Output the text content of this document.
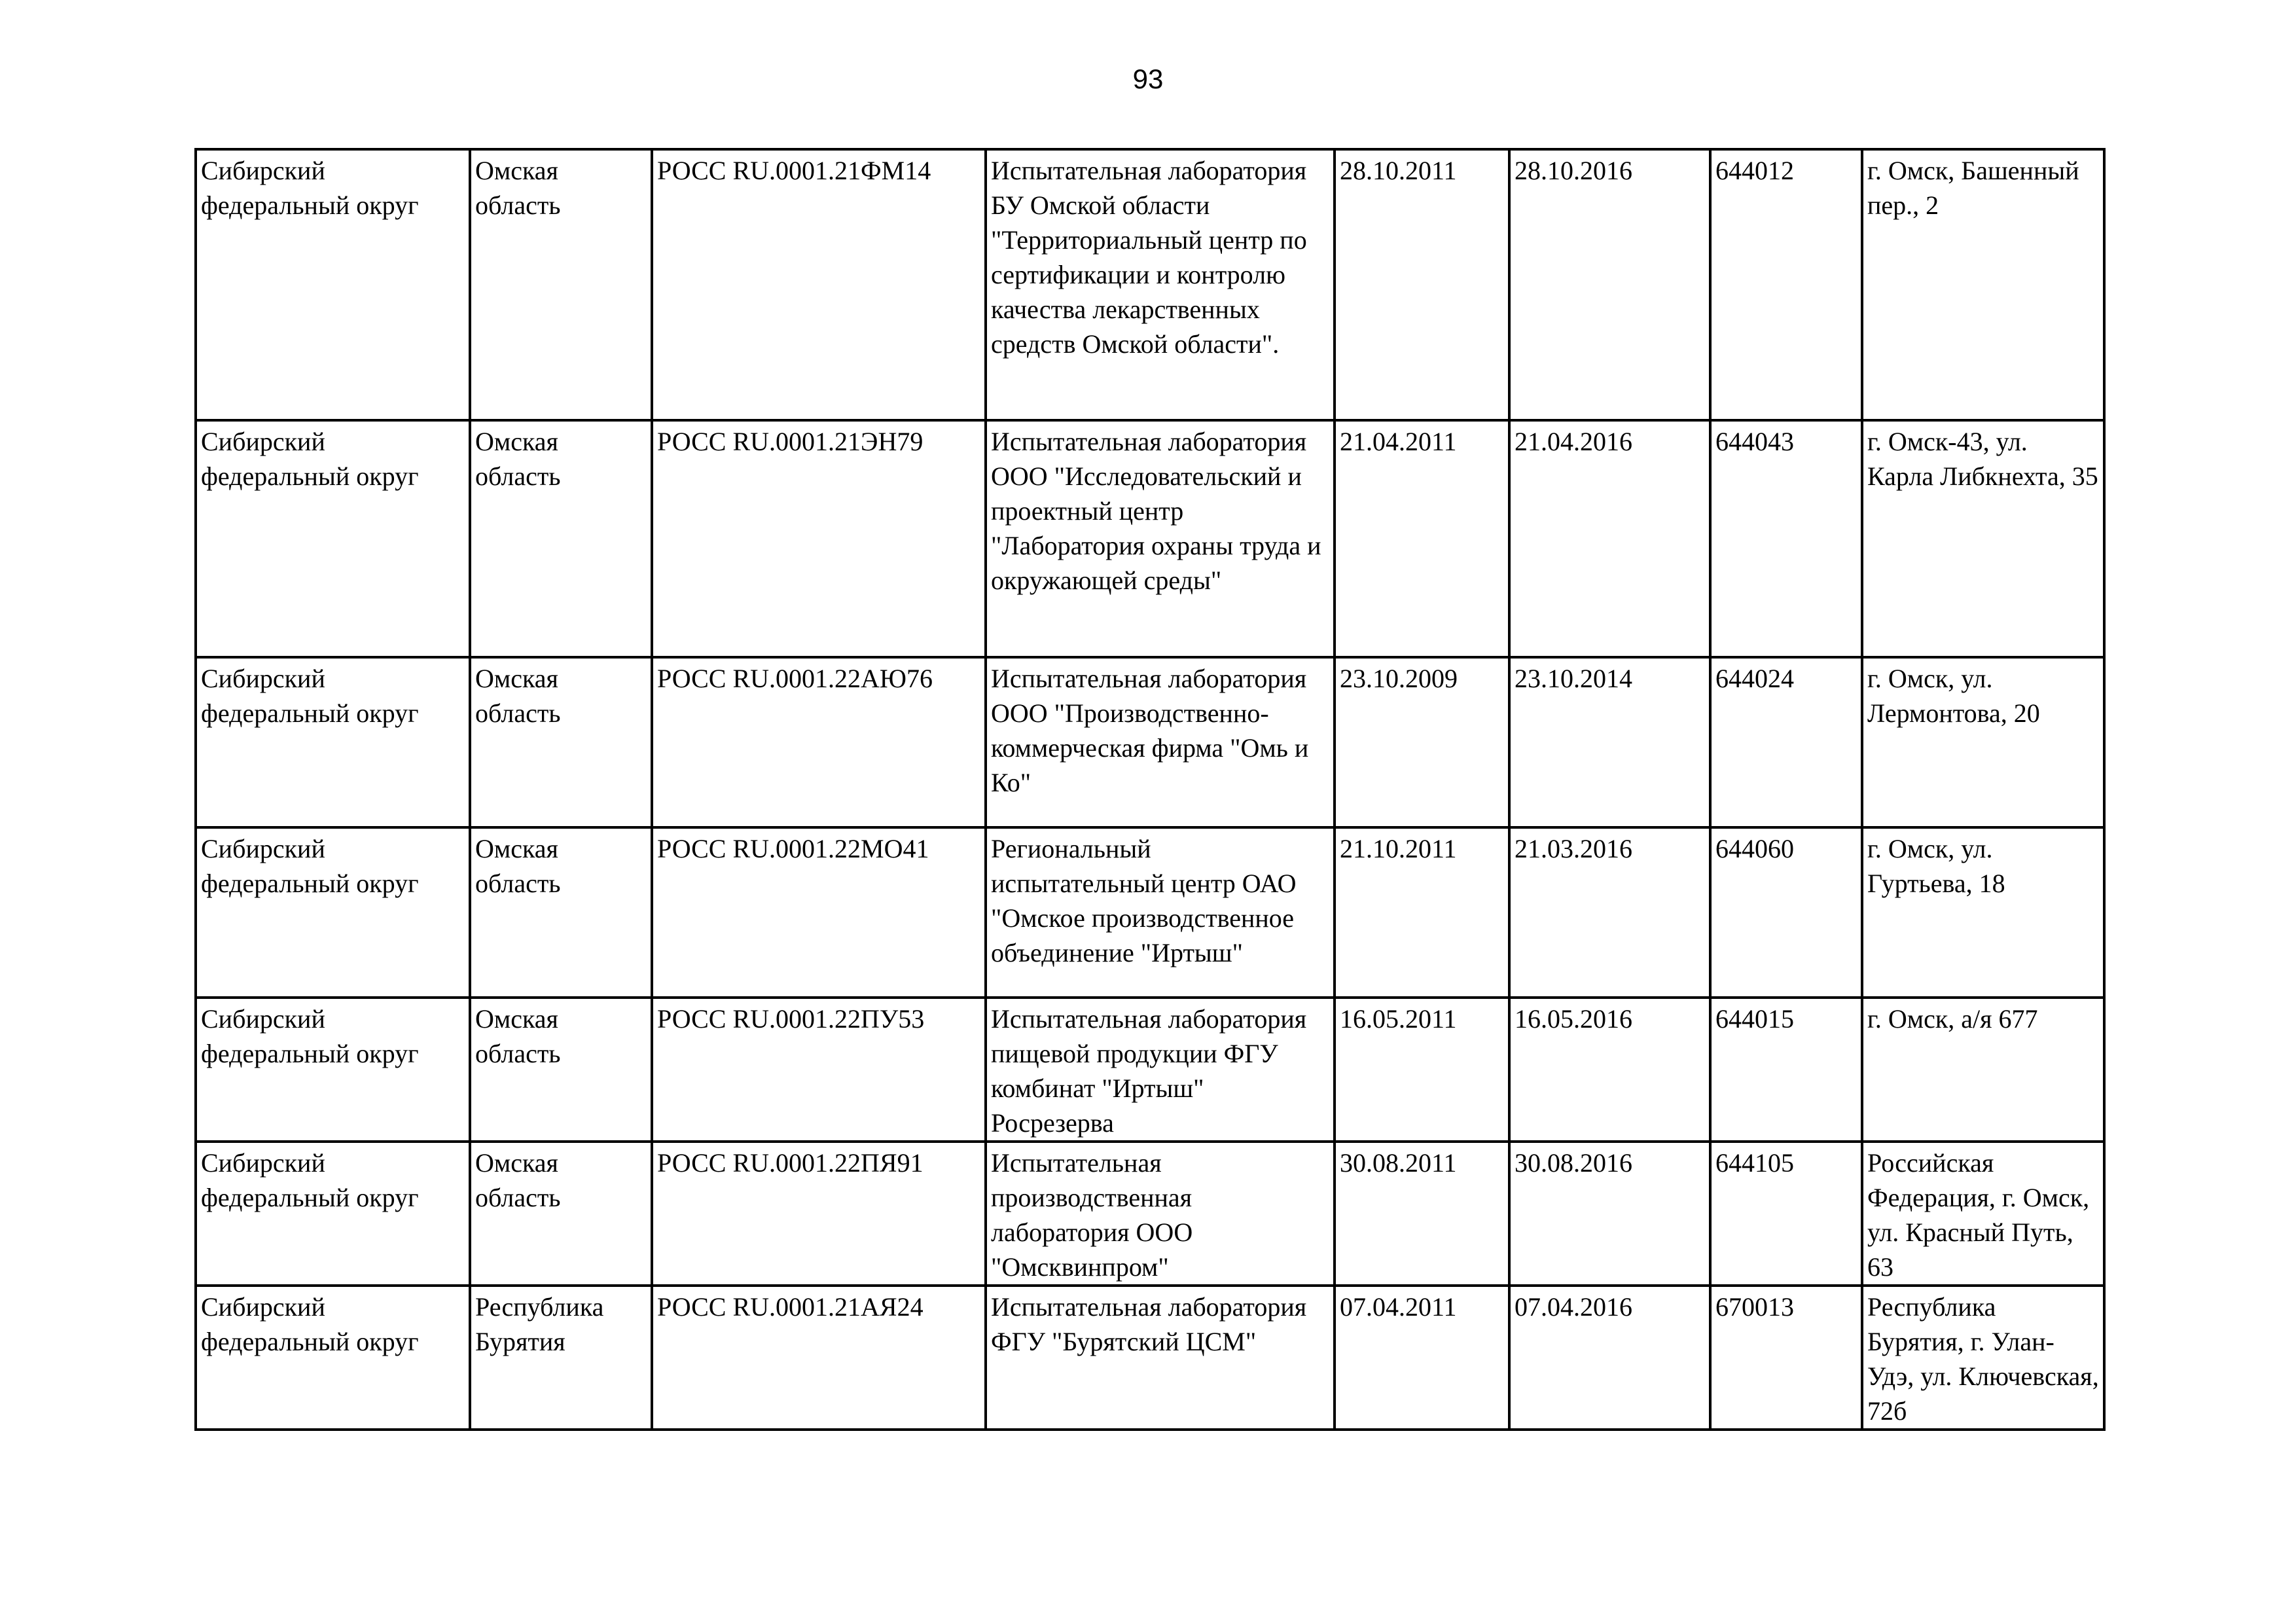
93
Сибирский федеральный округ	Омская область	РОСС RU.0001.21ФМ14	Испытательная лаборатория БУ Омской области "Территориальный центр по сертификации и контролю качества лекарственных средств Омской области".	28.10.2011	28.10.2016	644012	г. Омск, Башенный пер., 2
Сибирский федеральный округ	Омская область	РОСС RU.0001.21ЭН79	Испытательная лаборатория ООО "Исследовательский и проектный центр "Лаборатория охраны труда и окружающей среды"	21.04.2011	21.04.2016	644043	г. Омск-43, ул. Карла Либкнехта, 35
Сибирский федеральный округ	Омская область	РОСС RU.0001.22АЮ76	Испытательная лаборатория ООО "Производственно-коммерческая фирма "Омь и Ко"	23.10.2009	23.10.2014	644024	г. Омск, ул. Лермонтова, 20
Сибирский федеральный округ	Омская область	РОСС RU.0001.22МО41	Региональный испытательный центр ОАО "Омское производственное объединение "Иртыш"	21.10.2011	21.03.2016	644060	г. Омск, ул. Гуртьева, 18
Сибирский федеральный округ	Омская область	РОСС RU.0001.22ПУ53	Испытательная лаборатория пищевой продукции ФГУ комбинат "Иртыш" Росрезерва	16.05.2011	16.05.2016	644015	г. Омск, а/я 677
Сибирский федеральный округ	Омская область	РОСС RU.0001.22ПЯ91	Испытательная производственная лаборатория ООО "Омсквинпром"	30.08.2011	30.08.2016	644105	Российская Федерация, г. Омск, ул. Красный Путь, 63
Сибирский федеральный округ	Республика Бурятия	РОСС RU.0001.21АЯ24	Испытательная лаборатория ФГУ "Бурятский ЦСМ"	07.04.2011	07.04.2016	670013	Республика Бурятия, г. Улан-Удэ, ул. Ключевская, 72б
